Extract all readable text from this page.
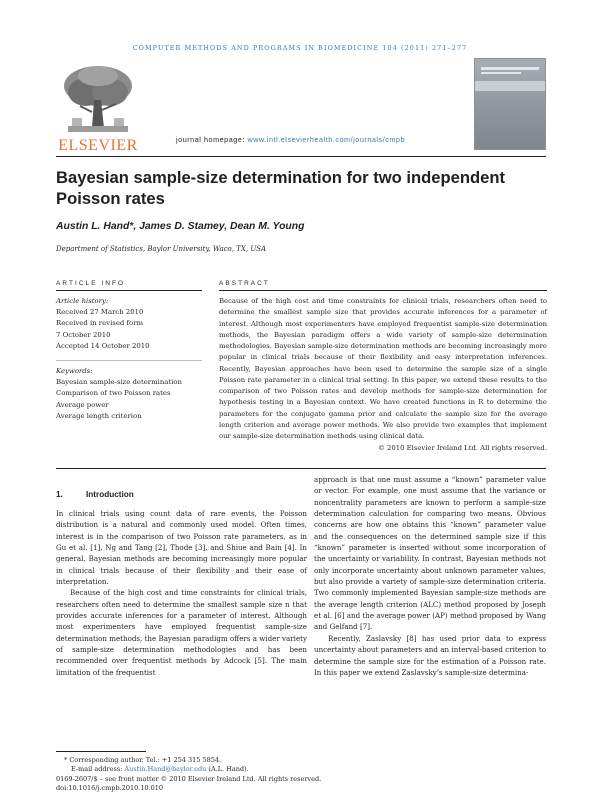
COMPUTER METHODS AND PROGRAMS IN BIOMEDICINE 104 (2011) 271–277
ELSEVIER	journal homepage: www.intl.elsevierhealth.com/journals/cmpb
Bayesian sample-size determination for two independent Poisson rates
Austin L. Hand*, James D. Stamey, Dean M. Young
Department of Statistics, Baylor University, Waco, TX, USA
ARTICLE INFO
Article history:
Received 27 March 2010
Received in revised form
7 October 2010
Accepted 14 October 2010
Keywords:
Bayesian sample-size determination
Comparison of two Poisson rates
Average power
Average length criterion
ABSTRACT
Because of the high cost and time constraints for clinical trials, researchers often need to determine the smallest sample size that provides accurate inferences for a parameter of interest. Although most experimenters have employed frequentist sample-size determination methods, the Bayesian paradigm offers a wide variety of sample-size determination methodologies. Bayesian sample-size determination methods are becoming increasingly more popular in clinical trials because of their flexibility and easy interpretation inferences. Recently, Bayesian approaches have been used to determine the sample size of a single Poisson rate parameter in a clinical trial setting. In this paper, we extend these results to the comparison of two Poisson rates and develop methods for sample-size determination for hypothesis testing in a Bayesian context. We have created functions in R to determine the parameters for the conjugate gamma prior and calculate the sample size for the average length criterion and average power methods. We also provide two examples that implement our sample-size determination methods using clinical data.
© 2010 Elsevier Ireland Ltd. All rights reserved.
1.	Introduction

In clinical trials using count data of rare events, the Poisson distribution is a natural and commonly used model. Often times, interest is in the comparison of two Poisson rate parameters, as in Gu et al. [1], Ng and Tang [2], Thode [3], and Shiue and Bain [4]. In general, Bayesian methods are becoming increasingly more popular in clinical trials because of their flexibility and their ease of interpretation.

Because of the high cost and time constraints for clinical trials, researchers often need to determine the smallest sample size n that provides accurate inferences for a parameter of interest. Although most experimenters have employed frequentist sample-size determination methods, the Bayesian paradigm offers a wider variety of sample-size determination methodologies and has been recommended over frequentist methods by Adcock [5]. The main limitation of the frequentist

approach is that one must assume a “known” parameter value or vector. For example, one must assume that the variance or noncentrality parameters are known to perform a sample-size determination calculation for comparing two means. Obvious concerns are how one obtains this “known” parameter value and the consequences on the determined sample size if this “known” parameter is inserted without some incorporation of the uncertainty or variability. In contrast, Bayesian methods not only incorporate uncertainty about unknown parameter values, but also provide a variety of sample-size determination criteria. Two commonly implemented Bayesian sample-size methods are the average length criterion (ALC) method proposed by Joseph et al. [6] and the average power (AP) method proposed by Wang and Gelfand [7].

Recently, Zaslavsky [8] has used prior data to express uncertainty about parameters and an interval-based criterion to determine the sample size for the estimation of a Poisson rate. In this paper we extend Zaslavsky’s sample-size determina-

* Corresponding author. Tel.: +1 254 315 5854.
E-mail address: Austin.Hand@baylor.edu (A.L. Hand).
0169-2607/$ – see front matter © 2010 Elsevier Ireland Ltd. All rights reserved.
doi:10.1016/j.cmpb.2010.10.010
